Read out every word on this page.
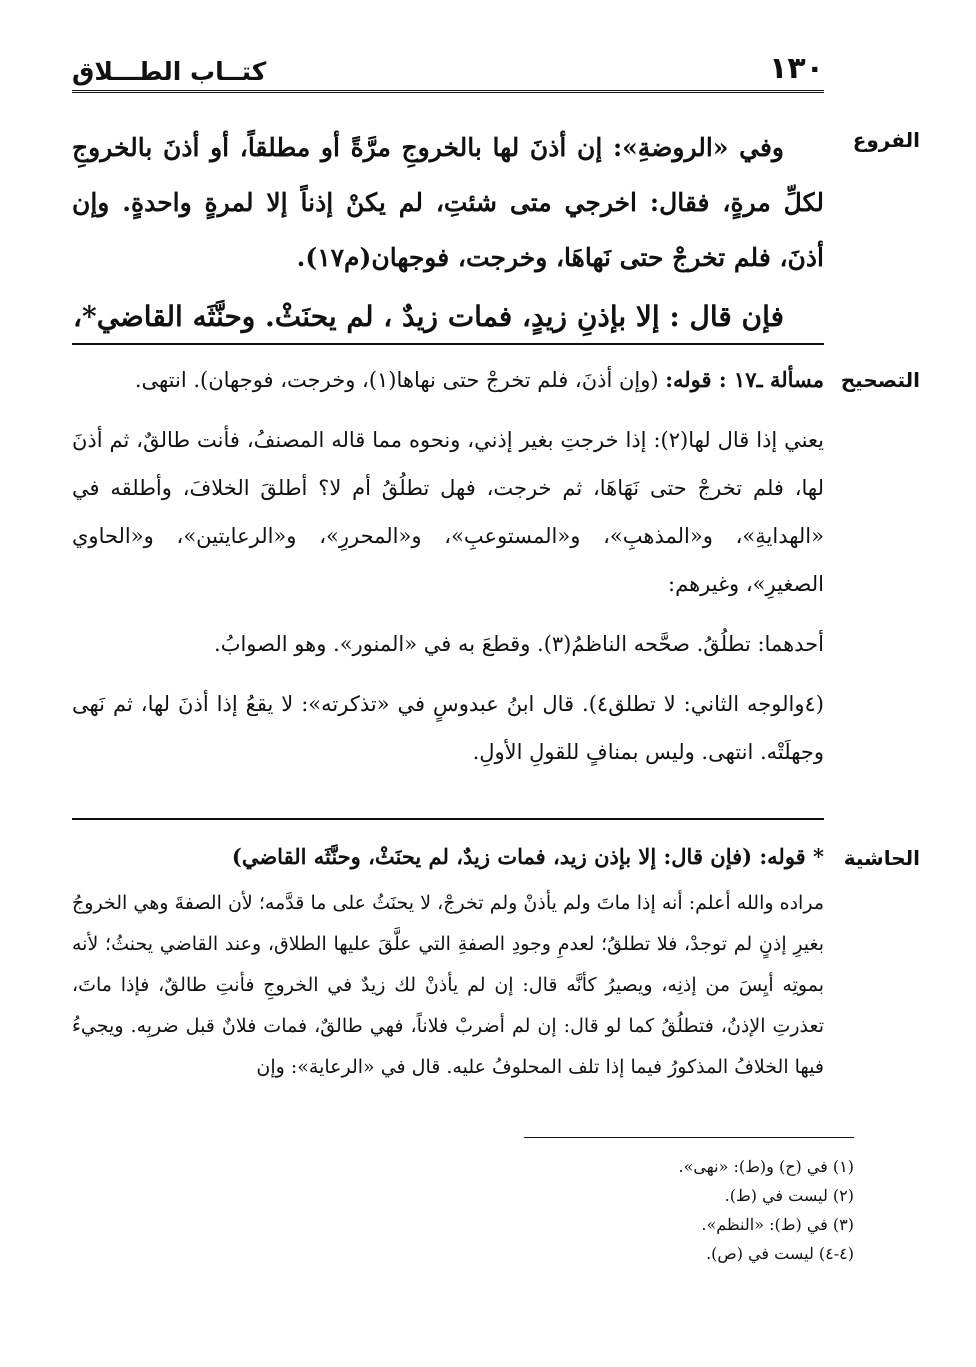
١٣٠
كتــاب الطـــلاق
الفروع

وفي «الروضةِ»: إن أذنَ لها بالخروجِ مرَّةً أو مطلقاً، أو أذنَ بالخروجِ لكلِّ مرةٍ، فقال: اخرجي متى شئتِ، لم يكنْ إذناً إلا لمرةٍ واحدةٍ. وإن أذنَ، فلم تخرجْ حتى نَهاهَا، وخرجت، فوجهان(م١٧).

فإن قال : إلا بإذنِ زيدٍ، فمات زيدٌ ، لم يحنَثْ. وحنَّثَه القاضي*،

التصحيح

مسألة ـ١٧ : قوله: (وإن أذنَ، فلم تخرجْ حتى نهاها(١)، وخرجت، فوجهان). انتهى.

يعني إذا قال لها(٢): إذا خرجتِ بغير إذني، ونحوه مما قاله المصنفُ، فأنت طالقٌ، ثم أذنَ لها، فلم تخرجْ حتى نَهَاهَا، ثم خرجت، فهل تطلُقُ أم لا؟ أطلقَ الخلافَ، وأطلقه في «الهدايةِ»، و«المذهبِ»، و«المستوعبِ»، و«المحررِ»، و«الرعايتين»، و«الحاوي الصغيرِ»، وغيرهم:

أحدهما: تطلُقُ. صحَّحه الناظمُ(٣). وقطعَ به في «المنور». وهو الصوابُ.

(٤والوجه الثاني: لا تطلق٤). قال ابنُ عبدوسٍ في «تذكرته»: لا يقعُ إذا أذنَ لها، ثم نَهى وجهلَتْه. انتهى. وليس بمنافٍ للقولِ الأولِ.

الحاشية

* قوله: (فإن قال: إلا بإذن زيد، فمات زيدٌ، لم يحنَثْ، وحنَّثَه القاضي)

مراده والله أعلم: أنه إذا ماتَ ولم يأذنْ ولم تخرجْ، لا يحنَثُ على ما قدَّمه؛ لأن الصفةَ وهي الخروجُ بغيرِ إذنٍ لم توجدْ، فلا تطلقُ؛ لعدمِ وجودِ الصفةِ التي علَّقَ عليها الطلاق، وعند القاضي يحنثُ؛ لأنه بموتِه أيِسَ من إذنِه، ويصيرُ كأنَّه قال: إن لم يأذنْ لك زيدٌ في الخروجِ فأنتِ طالقٌ، فإذا ماتَ، تعذرتِ الإذنُ، فتطلُقُ كما لو قال: إن لم أضربْ فلاناً، فهي طالقٌ، فمات فلانٌ قبل ضربِه. ويجيءُ فيها الخلافُ المذكورُ فيما إذا تلف المحلوفُ عليه. قال في «الرعاية»: وإن

(١) في (ح) و(ط): «نهى».
(٢) ليست في (ط).
(٣) في (ط): «النظم».
(٤-٤) ليست في (ص).
